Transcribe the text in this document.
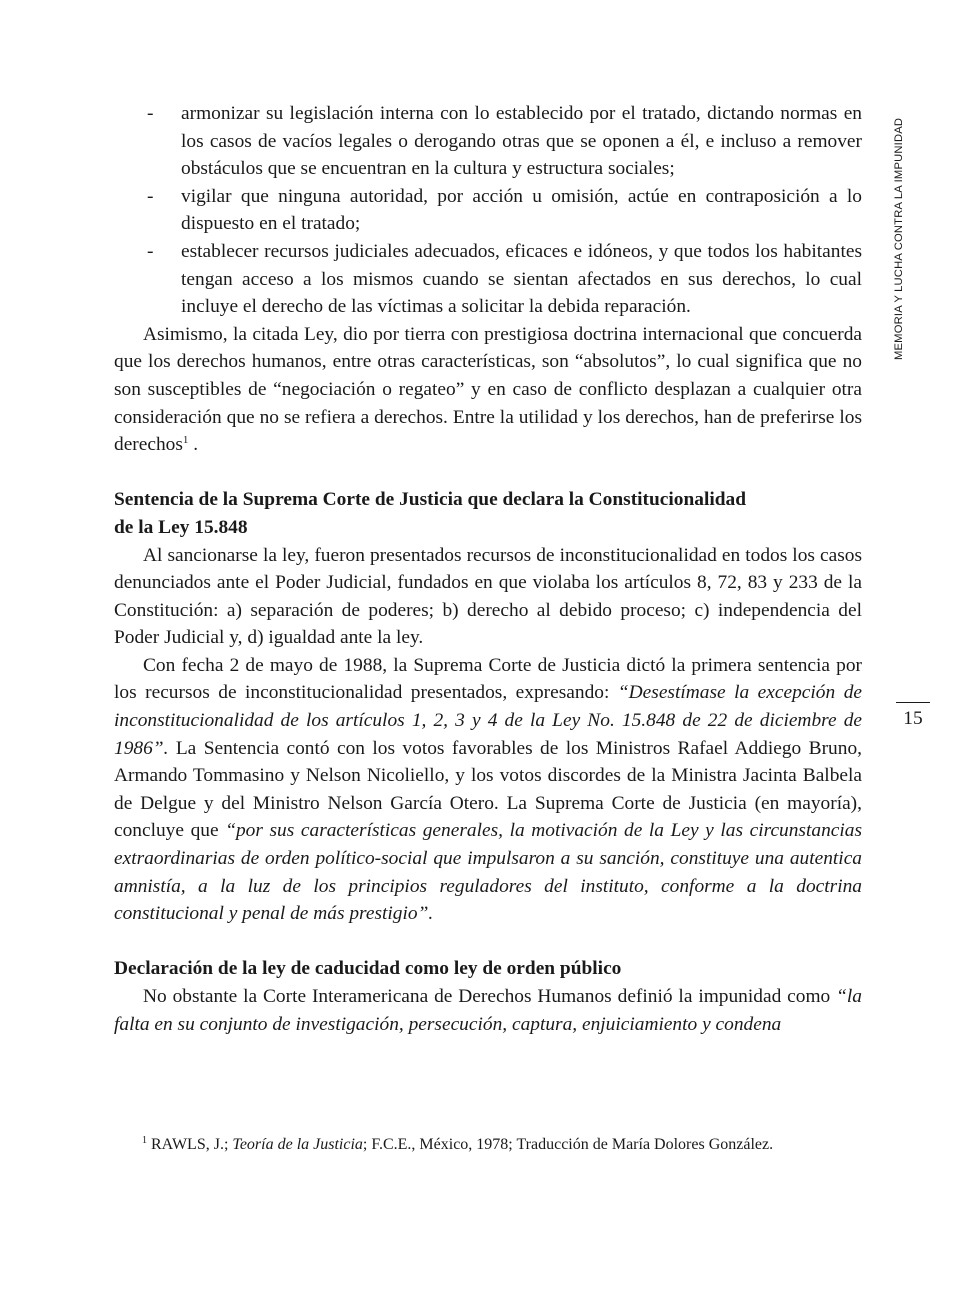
MEMORIA Y LUCHA CONTRA LA IMPUNIDAD
15
- armonizar su legislación interna con lo establecido por el tratado, dictando normas en los casos de vacíos legales o derogando otras que se oponen a él, e incluso a remover obstáculos que se encuentran en la cultura y estructura sociales;
- vigilar que ninguna autoridad, por acción u omisión, actúe en contraposición a lo dispuesto en el tratado;
- establecer recursos judiciales adecuados, eficaces e idóneos, y que todos los habitantes tengan acceso a los mismos cuando se sientan afectados en sus derechos, lo cual incluye el derecho de las víctimas a solicitar la debida reparación.

Asimismo, la citada Ley, dio por tierra con prestigiosa doctrina internacional que concuerda que los derechos humanos, entre otras características, son “absolutos”, lo cual significa que no son susceptibles de “negociación o regateo” y en caso de conflicto desplazan a cualquier otra consideración que no se refiera a derechos. Entre la utilidad y los derechos, han de preferirse los derechos$^1$ .

Sentencia de la Suprema Corte de Justicia que declara la Constitucionalidad
de la Ley 15.848

Al sancionarse la ley, fueron presentados recursos de inconstitucionalidad en todos los casos denunciados ante el Poder Judicial, fundados en que violaba los artículos 8, 72, 83 y 233 de la Constitución: a) separación de poderes; b) derecho al debido proceso; c) independencia del Poder Judicial y, d) igualdad ante la ley.

Con fecha 2 de mayo de 1988, la Suprema Corte de Justicia dictó la primera sentencia por los recursos de inconstitucionalidad presentados, expresando: “Desestímase la excepción de inconstitucionalidad de los artículos 1, 2, 3 y 4 de la Ley No. 15.848 de 22 de diciembre de 1986”. La Sentencia contó con los votos favorables de los Ministros Rafael Addiego Bruno, Armando Tommasino y Nelson Nicoliello, y los votos discordes de la Ministra Jacinta Balbela de Delgue y del Ministro Nelson García Otero. La Suprema Corte de Justicia (en mayoría), concluye que “por sus características generales, la motivación de la Ley y las circunstancias extraordinarias de orden político-social que impulsaron a su sanción, constituye una autentica amnistía, a la luz de los principios reguladores del instituto, conforme a la doctrina constitucional y penal de más prestigio”.

Declaración de la ley de caducidad como ley de orden público

No obstante la Corte Interamericana de Derechos Humanos definió la impunidad como “la falta en su conjunto de investigación, persecución, captura, enjuiciamiento y condena

$^1$ RAWLS, J.; Teoría de la Justicia; F.C.E., México, 1978; Traducción de María Dolores González.
